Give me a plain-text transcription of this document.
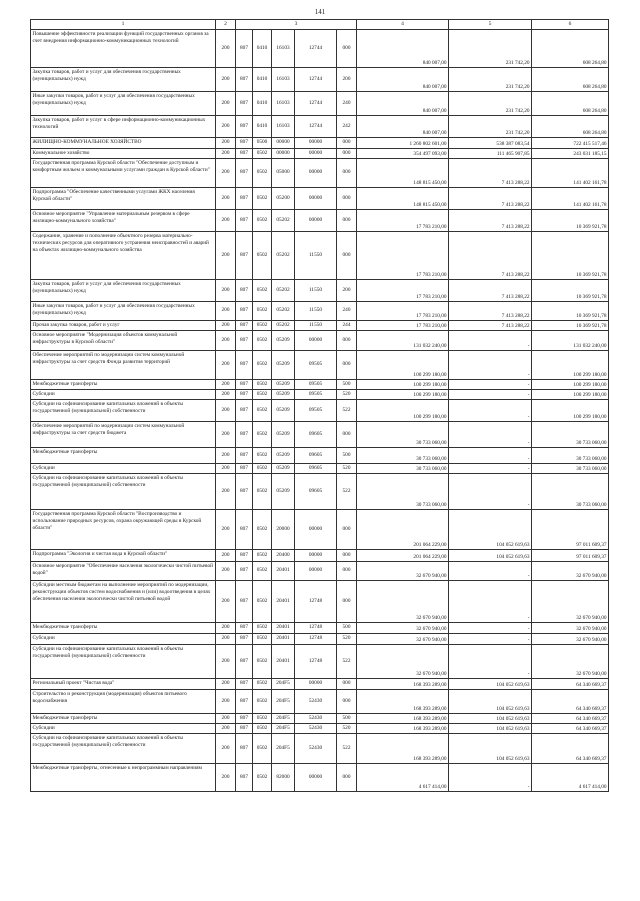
141
1	2	3					4	5	6
Повышение эффективности реализации функций государственных органов за счет внедрения информационно-коммуникационных технологий	200	807	0410	16103	12744	000	840 007,00	231 742,20	608 264,80
Закупка товаров, работ и услуг для обеспечения государственных (муниципальных) нужд	200	807	0410	16103	12744	200	840 007,00	231 742,20	608 264,80
Иные закупки товаров, работ и услуг для обеспечения государственных (муниципальных) нужд	200	807	0410	16103	12744	240	840 007,00	231 742,20	608 264,80
Закупка товаров, работ и услуг в сфере информационно-коммуникационных технологий	200	807	0410	16103	12744	242	840 007,00	231 742,20	608 264,80
ЖИЛИЩНО-КОММУНАЛЬНОЕ ХОЗЯЙСТВО	200	807	0500	00000	00000	000	1 260 802 601,00	538 387 083,54	722 415 517,46
Коммунальное хозяйство	200	807	0502	00000	00000	000	354 497 093,00	111 465 907,85	243 031 185,15
Государственная программа Курской области "Обеспечение доступным и комфортным жильем и коммунальными услугами граждан в Курской области"	200	807	0502	05000	00000	000	148 815 450,00	7 413 288,22	141 402 161,78
Подпрограмма "Обеспечение качественными услугами ЖКХ населения Курской области"	200	807	0502	05200	00000	000	148 815 450,00	7 413 288,22	141 402 161,78
Основное мероприятие "Управление материальным резервом в сфере жилищно-коммунального хозяйства"	200	807	0502	05202	00000	000	17 783 210,00	7 413 288,22	10 369 921,78
Содержание, хранение и пополнение объектного резерва материально-технических ресурсов для оперативного устранения неисправностей и аварий на объектах жилищно-коммунального хозяйства	200	807	0502	05202	11550	000	17 783 210,00	7 413 288,22	10 369 921,78
Закупка товаров, работ и услуг для обеспечения государственных (муниципальных) нужд	200	807	0502	05202	11550	200	17 783 210,00	7 413 288,22	10 369 921,78
Иные закупки товаров, работ и услуг для обеспечения государственных (муниципальных) нужд	200	807	0502	05202	11550	240	17 783 210,00	7 413 288,22	10 369 921,78
Прочая закупка товаров, работ и услуг	200	807	0502	05202	11550	244	17 783 210,00	7 413 288,22	10 369 921,78
Основное мероприятие "Модернизация объектов коммунальной инфраструктуры в Курской области"	200	807	0502	05209	00000	000	131 032 240,00	-	131 032 240,00
Обеспечение мероприятий по модернизации систем коммунальной инфраструктуры за счет средств Фонда развития территорий	200	807	0502	05209	09505	000	100 299 180,00	-	100 299 180,00
Межбюджетные трансферты	200	807	0502	05209	09505	500	100 299 180,00	-	100 299 180,00
Субсидии	200	807	0502	05209	09505	520	100 299 180,00	-	100 299 180,00
Субсидии на софинансирование капитальных вложений в объекты государственной (муниципальной) собственности	200	807	0502	05209	09505	522	100 299 180,00	-	100 299 180,00
Обеспечение мероприятий по модернизации систем коммунальной инфраструктуры за счет средств бюджета	200	807	0502	05209	09605	000	30 733 060,00	-	30 733 060,00
Межбюджетные трансферты	200	807	0502	05209	09605	500	30 733 060,00	-	30 733 060,00
Субсидии	200	807	0502	05209	09605	520	30 733 060,00	-	30 733 060,00
Субсидии на софинансирование капитальных вложений в объекты государственной (муниципальной) собственности	200	807	0502	05209	09605	522	30 733 060,00	-	30 733 060,00
Государственная программа Курской области "Воспроизводство и использование природных ресурсов, охрана окружающей среды в Курской области"	200	807	0502	20000	00000	000	201 064 229,00	104 052 619,63	97 011 609,37
Подпрограмма "Экология и чистая вода в Курской области"	200	807	0502	20400	00000	000	201 064 229,00	104 052 619,63	97 011 609,37
Основное мероприятие "Обеспечение населения экологически чистой питьевой водой"	200	807	0502	20401	00000	000	32 670 940,00	-	32 670 940,00
Субсидии местным бюджетам на выполнение мероприятий по модернизации, реконструкции объектов систем водоснабжения и (или) водоотведения в целях обеспечения населения экологически чистой питьевой водой	200	807	0502	20401	12748	000	32 670 940,00	-	32 670 940,00
Межбюджетные трансферты	200	807	0502	20401	12748	500	32 670 940,00	-	32 670 940,00
Субсидии	200	807	0502	20401	12748	520	32 670 940,00	-	32 670 940,00
Субсидии на софинансирование капитальных вложений в объекты государственной (муниципальной) собственности	200	807	0502	20401	12748	522	32 670 940,00	-	32 670 940,00
Региональный проект "Чистая вода"	200	807	0502	204F5	00000	000	168 393 289,00	104 052 619,63	64 340 669,37
Строительство и реконструкция (модернизация) объектов питьевого водоснабжения	200	807	0502	204F5	52430	000	168 393 289,00	104 052 619,63	64 340 669,37
Межбюджетные трансферты	200	807	0502	204F5	52430	500	168 393 289,00	104 052 619,63	64 340 669,37
Субсидии	200	807	0502	204F5	52430	520	168 393 289,00	104 052 619,63	64 340 669,37
Субсидии на софинансирование капитальных вложений в объекты государственной (муниципальной) собственности	200	807	0502	204F5	52430	522	168 393 289,00	104 052 619,63	64 340 669,37
Межбюджетные трансферты, отнесенные к непрограммным направлениям	200	807	0502	82000	00000	000	4 617 414,00	-	4 617 414,00
